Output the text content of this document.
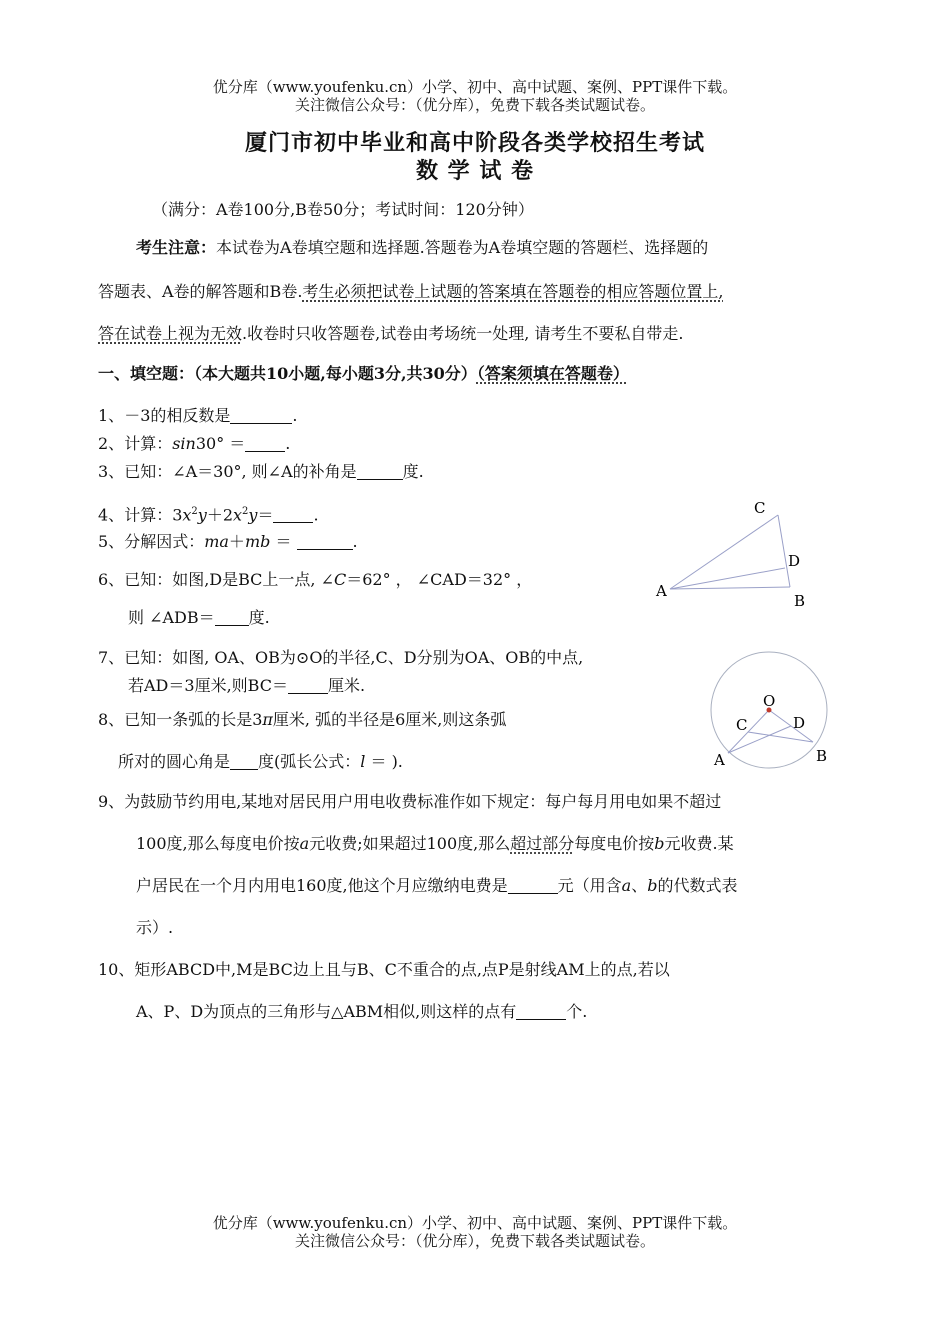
优分库（www.youfenku.cn）小学、初中、高中试题、案例、PPT课件下载。
关注微信公众号：（优分库），免费下载各类试题试卷。
厦门市初中毕业和高中阶段各类学校招生考试
数 学 试 卷
（满分：A卷100分,B卷50分；考试时间：120分钟）
考生注意：本试卷为A卷填空题和选择题.答题卷为A卷填空题的答题栏、选择题的
答题表、A卷的解答题和B卷.考生必须把试卷上试题的答案填在答题卷的相应答题位置上,
答在试卷上视为无效.收卷时只收答题卷,试卷由考场统一处理, 请考生不要私自带走.
一、填空题：（本大题共10小题,每小题3分,共30分）（答案须填在答题卷）
1、－3的相反数是	.
2、计算：sin30° ＝	.
3、已知：∠A＝30°, 则∠A的补角是	度.
4、计算：$3x^2y+2x^2y=$	.
5、分解因式：ma＋mb ＝	.
6、已知：如图,D是BC上一点, ∠C＝62° ， ∠CAD＝32° ，
则 ∠ADB＝ 度.
C
D
A
B
7、已知：如图, OA、OB为⊙O的半径,C、D分别为OA、OB的中点,
若AD＝3厘米,则BC＝	厘米.
O
C	D
A	B
8、已知一条弧的长是3π厘米, 弧的半径是6厘米,则这条弧
所对的圆心角是 度(弧长公式：l ＝ ).
9、为鼓励节约用电,某地对居民用户用电收费标准作如下规定：每户每月用电如果不超过
100度,那么每度电价按a元收费;如果超过100度,那么超过部分每度电价按b元收费.某
户居民在一个月内用电160度,他这个月应缴纳电费是	元（用含a、b的代数式表
示）.
10、矩形ABCD中,M是BC边上且与B、C不重合的点,点P是射线AM上的点,若以
A、P、D为顶点的三角形与△ABM相似,则这样的点有	个.
优分库（www.youfenku.cn）小学、初中、高中试题、案例、PPT课件下载。
关注微信公众号：（优分库），免费下载各类试题试卷。
